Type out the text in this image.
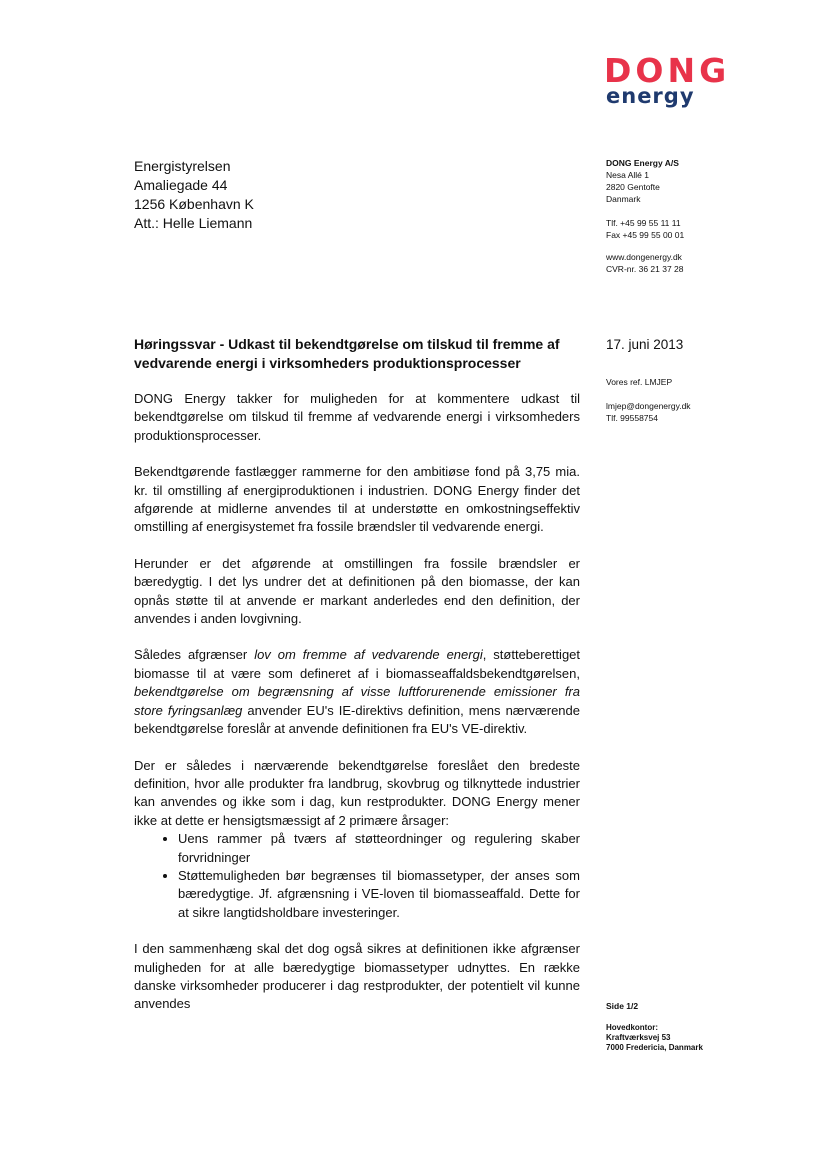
DONG
energy
Energistyrelsen
Amaliegade 44
1256 København K
Att.: Helle Liemann
DONG Energy A/S
Nesa Allé 1
2820 Gentofte
Danmark
Tlf. +45 99 55 11 11
Fax +45 99 55 00 01
www.dongenergy.dk
CVR-nr. 36 21 37 28
Høringssvar - Udkast til bekendtgørelse om tilskud til fremme af vedvarende energi i virksomheders produktionsprocesser
17. juni 2013
Vores ref. LMJEP
lmjep@dongenergy.dk
Tlf. 99558754

DONG Energy takker for muligheden for at kommentere udkast til bekendtgørelse om tilskud til fremme af vedvarende energi i virksomheders produktionsprocesser.

Bekendtgørende fastlægger rammerne for den ambitiøse fond på 3,75 mia. kr. til omstilling af energiproduktionen i industrien. DONG Energy finder det afgørende at midlerne anvendes til at understøtte en omkostningseffektiv omstilling af energisystemet fra fossile brændsler til vedvarende energi.

Herunder er det afgørende at omstillingen fra fossile brændsler er bæredygtig. I det lys undrer det at definitionen på den biomasse, der kan opnås støtte til at anvende er markant anderledes end den definition, der anvendes i anden lovgivning.

Således afgrænser lov om fremme af vedvarende energi, støtteberettiget biomasse til at være som defineret af i biomasseaffaldsbekendtgørelsen, bekendtgørelse om begrænsning af visse luftforurenende emissioner fra store fyringsanlæg anvender EU's IE-direktivs definition, mens nærværende bekendtgørelse foreslår at anvende definitionen fra EU's VE-direktiv.

Der er således i nærværende bekendtgørelse foreslået den bredeste definition, hvor alle produkter fra landbrug, skovbrug og tilknyttede industrier kan anvendes og ikke som i dag, kun restprodukter. DONG Energy mener ikke at dette er hensigtsmæssigt af 2 primære årsager:

• Uens rammer på tværs af støtteordninger og regulering skaber forvridninger
• Støttemuligheden bør begrænses til biomassetyper, der anses som bæredygtige. Jf. afgrænsning i VE-loven til biomasseaffald. Dette for at sikre langtidsholdbare investeringer.

I den sammenhæng skal det dog også sikres at definitionen ikke afgrænser muligheden for at alle bæredygtige biomassetyper udnyttes. En række danske virksomheder producerer i dag restprodukter, der potentielt vil kunne anvendes	Side 1/2
Hovedkontor:
Kraftværksvej 53
7000 Fredericia, Danmark
